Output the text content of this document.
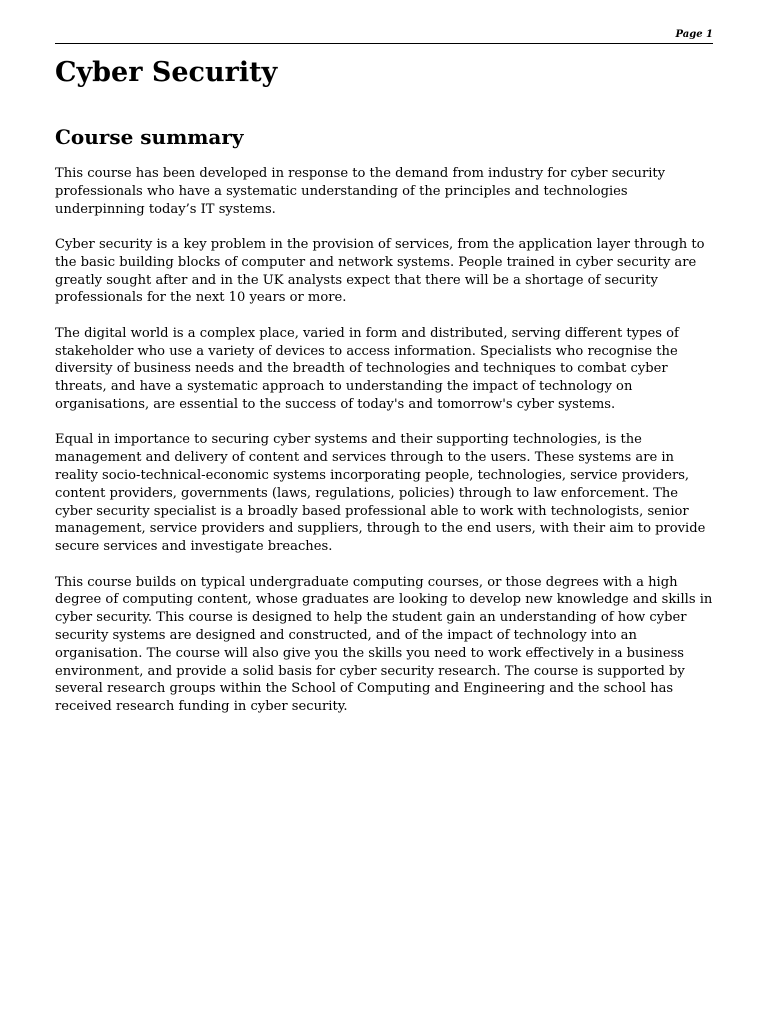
Page 1
Cyber Security
Course summary

This course has been developed in response to the demand from industry for cyber security professionals who have a systematic understanding of the principles and technologies underpinning today’s IT systems.

Cyber security is a key problem in the provision of services, from the application layer through to the basic building blocks of computer and network systems. People trained in cyber security are greatly sought after and in the UK analysts expect that there will be a shortage of security professionals for the next 10 years or more.

The digital world is a complex place, varied in form and distributed, serving different types of stakeholder who use a variety of devices to access information. Specialists who recognise the diversity of business needs and the breadth of technologies and techniques to combat cyber threats, and have a systematic approach to understanding the impact of technology on organisations, are essential to the success of today's and tomorrow's cyber systems.

Equal in importance to securing cyber systems and their supporting technologies, is the management and delivery of content and services through to the users. These systems are in reality socio-technical-economic systems incorporating people, technologies, service providers, content providers, governments (laws, regulations, policies) through to law enforcement. The cyber security specialist is a broadly based professional able to work with technologists, senior management, service providers and suppliers, through to the end users, with their aim to provide secure services and investigate breaches.

This course builds on typical undergraduate computing courses, or those degrees with a high degree of computing content, whose graduates are looking to develop new knowledge and skills in cyber security. This course is designed to help the student gain an understanding of how cyber security systems are designed and constructed, and of the impact of technology into an organisation. The course will also give you the skills you need to work effectively in a business environment, and provide a solid basis for cyber security research. The course is supported by several research groups within the School of Computing and Engineering and the school has received research funding in cyber security.
